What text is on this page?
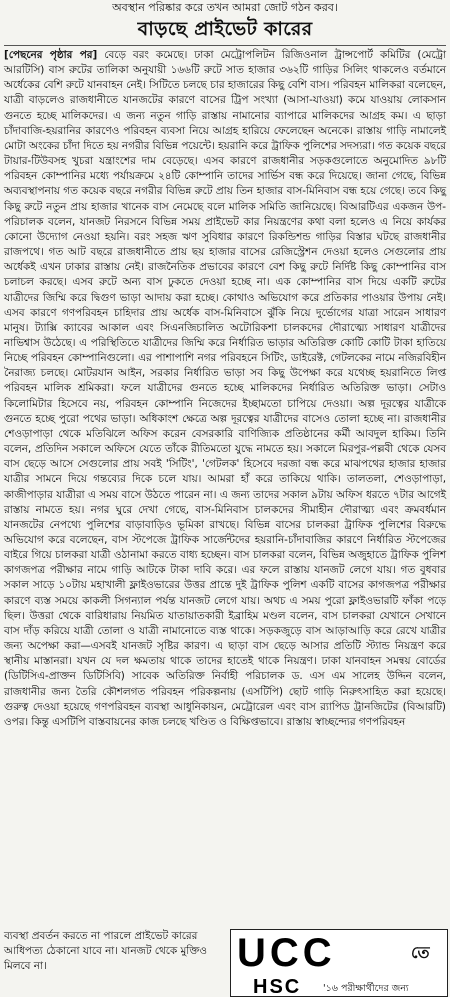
অবস্থান পরিষ্কার করে তখন আমরা জোট গঠন করব।
বাড়ছে প্রাইভেট কারের
[পেছনের পৃষ্ঠার পর] বেড়ে বরং কমেছে। ঢাকা মেট্রোপলিটন রিজিওনাল ট্রান্সপোর্ট কমিটির (মেট্রো আরটিসি) বাস রুটের তালিকা অনুযায়ী ১৬৬টি রুটে সাত হাজার ৩৬২টি গাড়ির সিলিং থাকলেও বর্তমানে অর্ধেকের বেশি রুটে যানবাহন নেই। সিটিতে চলছে চার হাজারের কিছু বেশি বাস। পরিবহন মালিকরা বলেছেন, যাত্রী বাড়লেও রাজধানীতে যানজটের কারণে বাসের ট্রিপ সংখ্যা (আসা-যাওয়া) কমে যাওয়ায় লোকসান গুনতে হচ্ছে মালিকদের। এ জন্য নতুন গাড়ি রাস্তায় নামানোর ব্যাপারে মালিকদের আগ্রহ কম। এ ছাড়া চাঁদাবাজি-হয়রানির কারণেও পরিবহন ব্যবসা নিয়ে আগ্রহ হারিয়ে ফেলেছেন অনেকে। রাস্তায় গাড়ি নামালেই মোটা অংকের চাঁদা দিতে হয় নগরীর বিভিন্ন পয়েন্টে। হয়রানি করে ট্রাফিক পুলিশের সদস্যরা। গত কয়েক বছরে টায়ার-টিউবসহ খুচরা যন্ত্রাংশের দাম বেড়েছে। এসব কারণে রাজধানীর সড়কগুলোতে অনুমোদিত ৯৮টি পরিবহন কোম্পানির মধ্যে পর্যায়ক্রমে ২৪টি কোম্পানি তাদের সার্ভিস বন্ধ করে দিয়েছে। জানা গেছে, বিভিন্ন অব্যবস্থাপনায় গত কয়েক বছরে নগরীর বিভিন্ন রুটে প্রায় তিন হাজার বাস-মিনিবাস বন্ধ হয়ে গেছে। তবে কিছু কিছু রুটে নতুন প্রায় হাজার খানেক বাস নেমেছে বলে মালিক সমিতি জানিয়েছে। বিআরটিএর একজন উপ-পরিচালক বলেন, যানজট নিরসনে বিভিন্ন সময় প্রাইভেট কার নিয়ন্ত্রণের কথা বলা হলেও এ নিয়ে কার্যকর কোনো উদ্যোগ নেওয়া হয়নি। বরং সহজ ঋণ সুবিধার কারণে রিকন্ডিশন্ড গাড়ির বিস্তার ঘটছে রাজধানীর রাজপথে। গত আট বছরে রাজধানীতে প্রায় ছয় হাজার বাসের রেজিস্ট্রেশন দেওয়া হলেও সেগুলোর প্রায় অর্ধেকই এখন ঢাকার রাস্তায় নেই। রাজনৈতিক প্রভাবের কারণে বেশ কিছু রুটে নির্দিষ্ট কিছু কোম্পানির বাস চলাচল করছে। এসব রুটে অন্য বাস ঢুকতে দেওয়া হচ্ছে না। এক কোম্পানির বাস দিয়ে একটি রুটের যাত্রীদের জিম্মি করে দ্বিগুণ ভাড়া আদায় করা হচ্ছে। কোথাও অভিযোগ করে প্রতিকার পাওয়ার উপায় নেই। এসব কারণে গণপরিবহন চাহিদার প্রায় অর্ধেক বাস-মিনিবাসে ঝুঁকি নিয়ে দুর্ভোগের যাত্রা সারেন সাধারণ মানুষ। ট্যাক্সি ক্যাবের আকাল এবং সিএনজিচালিত অটোরিকশা চালকদের দৌরাত্ম্যে সাধারণ যাত্রীদের নাভিশ্বাস উঠেছে। এ পরিস্থিতিতে যাত্রীদের জিম্মি করে নির্ধারিত ভাড়ার অতিরিক্ত কোটি কোটি টাকা হাতিয়ে নিচ্ছে পরিবহন কোম্পানিগুলো। এর পাশাপাশি নগর পরিবহনে সিটিং, ডাইরেক্ট, গেটলকের নামে নজিরবিহীন নৈরাজ্য চলছে। মোটরযান আইন, সরকার নির্ধারিত ভাড়া সব কিছু উপেক্ষা করে যথেচ্ছ হয়রানিতে লিপ্ত পরিবহন মালিক শ্রমিকরা। ফলে যাত্রীদের গুনতে হচ্ছে মালিকদের নির্ধারিত অতিরিক্ত ভাড়া। সেটাও কিলোমিটার হিসেবে নয়, পরিবহন কোম্পানি নিজেদের ইচ্ছামতো চাপিয়ে দেওয়া। অল্প দূরত্বের যাত্রীকে গুনতে হচ্ছে পুরো পথের ভাড়া। অধিকাংশ ক্ষেত্রে অল্প দূরত্বের যাত্রীদের বাসেও তোলা হচ্ছে না। রাজধানীর শেওড়াপাড়া থেকে মতিঝিলে অফিস করেন বেসরকারি বাণিজ্যিক প্রতিষ্ঠানের কর্মী আবদুল হাকিম। তিনি বলেন, প্রতিদিন সকালে অফিসে যেতে তাঁকে রীতিমতো যুদ্ধে নামতে হয়। সকালে মিরপুর-পল্লবী থেকে যেসব বাস ছেড়ে আসে সেগুলোর প্রায় সবই 'সিটিং', 'গেটলক' হিসেবে দরজা বন্ধ করে মাঝপথের হাজার হাজার যাত্রীর সামনে দিয়ে গন্তব্যের দিকে চলে যায়। আমরা হাঁ করে তাকিয়ে থাকি। তালতলা, শেওড়াপাড়া, কাজীপাড়ার যাত্রীরা এ সময় বাসে উঠতে পারেন না। এ জন্য তাদের সকাল ৯টায় অফিস ধরতে ৭টার আগেই রাস্তায় নামতে হয়। নগর ঘুরে দেখা গেছে, বাস-মিনিবাস চালকদের সীমাহীন দৌরাত্ম্য এবং ক্রমবর্ধমান যানজটের নেপথ্যে পুলিশের বাড়াবাড়িও ভূমিকা রাখছে। বিভিন্ন বাসের চালকরা ট্রাফিক পুলিশের বিরুদ্ধে অভিযোগ করে বলেছেন, বাস স্টপেজে ট্রাফিক সার্জেন্টদের হয়রানি-চাঁদাবাজির কারণে নির্ধারিত স্টপেজের বাইরে গিয়ে চালকরা যাত্রী ওঠানামা করতে বাধ্য হচ্ছেন। বাস চালকরা বলেন, বিভিন্ন অজুহাতে ট্রাফিক পুলিশ কাগজপত্র পরীক্ষার নামে গাড়ি আটকে টাকা দাবি করে। এর ফলে রাস্তায় যানজট লেগে যায়। গত বুধবার সকাল সাড়ে ১০টায় মহাখালী ফ্লাইওভারের উত্তর প্রান্তে দুই ট্রাফিক পুলিশ একটি বাসের কাগজপত্র পরীক্ষার কারণে ব্যস্ত সময়ে কাকলী সিগন্যাল পর্যন্ত যানজট লেগে যায়। অথচ এ সময় পুরো ফ্লাইওভারটি ফাঁকা পড়ে ছিল। উত্তরা থেকে বারিধারায় নিয়মিত যাতায়াতকারী ইব্রাহিম মণ্ডল বলেন, বাস চালকরা যেখানে সেখানে বাস দাঁড় করিয়ে যাত্রী তোলা ও যাত্রী নামানোতে ব্যস্ত থাকে। সড়কজুড়ে বাস আড়াআড়ি করে রেখে যাত্রীর জন্য অপেক্ষা করা—এসবই যানজট সৃষ্টির কারণ। এ ছাড়া বাস ছেড়ে আসার প্রতিটি স্ট্যান্ড নিয়ন্ত্রণ করে স্থানীয় মাস্তানরা। যখন যে দল ক্ষমতায় থাকে তাদের হাতেই থাকে নিয়ন্ত্রণ। ঢাকা যানবাহন সমন্বয় বোর্ডের (ডিটিসিএ-প্রাক্তন ডিটিসিবি) সাবেক অতিরিক্ত নির্বাহী পরিচালক ড. এস এম সালেহ উদ্দিন বলেন, রাজধানীর জন্য তৈরি কৌশলগত পরিবহন পরিকল্পনায় (এসটিপি) ছোট গাড়ি নিরুৎসাহিত করা হয়েছে। গুরুত্ব দেওয়া হয়েছে গণপরিবহন ব্যবস্থা আধুনিকায়ন, মেট্রোরেল এবং বাস র‍্যাপিড ট্রানজিটের (বিআরটি) ওপর। কিন্তু এসটিপি বাস্তবায়নের কাজ চলছে খণ্ডিত ও বিক্ষিপ্তভাবে। রাস্তায় স্বাচ্ছন্দ্যের গণপরিবহন
ব্যবস্থা প্রবর্তন করতে না পারলে প্রাইভেট কারের আধিপত্য ঠেকানো যাবে না। যানজট থেকে মুক্তিও মিলবে না।	UCC	তে
HSC '১৬ পরীক্ষার্থীদের জন্য
